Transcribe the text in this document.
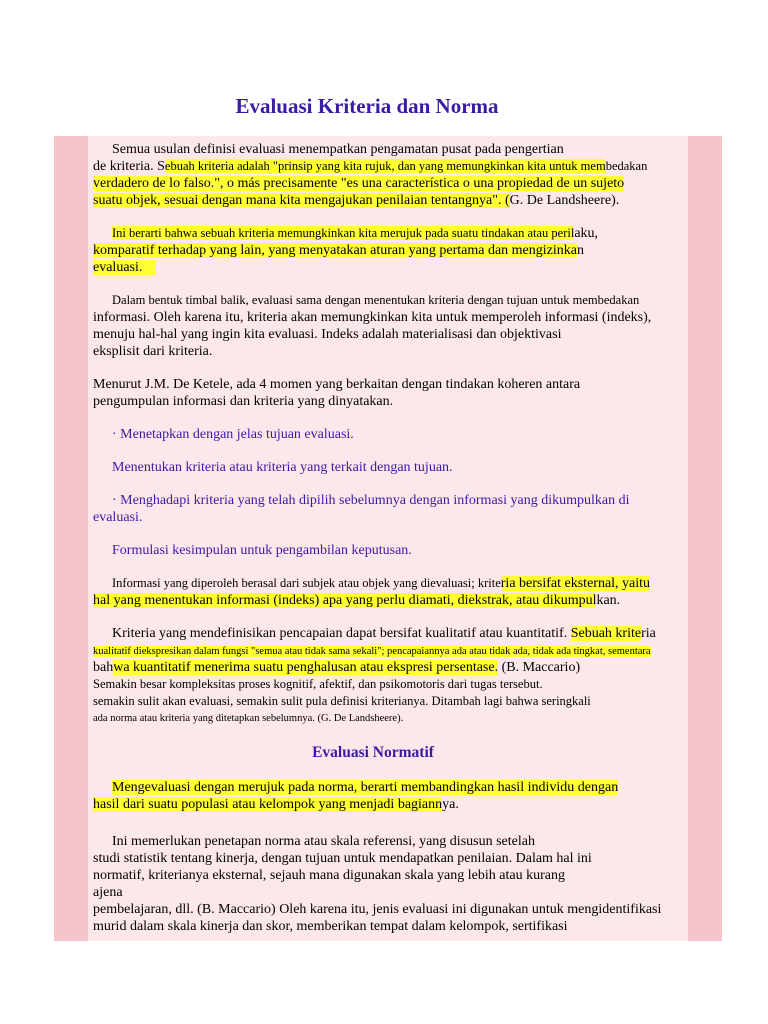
Evaluasi Kriteria dan Norma
Semua usulan definisi evaluasi menempatkan pengamatan pusat pada pengertian
de kriteria. Sebuah kriteria adalah "prinsip yang kita rujuk, dan yang memungkinkan kita untuk membedakan
verdadero de lo falso.", o más precisamente "es una característica o una propiedad de un sujeto
suatu objek, sesuai dengan mana kita mengajukan penilaian tentangnya". (G. De Landsheere).
Ini berarti bahwa sebuah kriteria memungkinkan kita merujuk pada suatu tindakan atau perilaku,
komparatif terhadap yang lain, yang menyatakan aturan yang pertama dan mengizinkan
evaluasi.
Dalam bentuk timbal balik, evaluasi sama dengan menentukan kriteria dengan tujuan untuk membedakan
informasi. Oleh karena itu, kriteria akan memungkinkan kita untuk memperoleh informasi (indeks),
menuju hal-hal yang ingin kita evaluasi. Indeks adalah materialisasi dan objektivasi
eksplisit dari kriteria.
Menurut J.M. De Ketele, ada 4 momen yang berkaitan dengan tindakan koheren antara
pengumpulan informasi dan kriteria yang dinyatakan.
· Menetapkan dengan jelas tujuan evaluasi.
Menentukan kriteria atau kriteria yang terkait dengan tujuan.
· Menghadapi kriteria yang telah dipilih sebelumnya dengan informasi yang dikumpulkan di
evaluasi.
Formulasi kesimpulan untuk pengambilan keputusan.
Informasi yang diperoleh berasal dari subjek atau objek yang dievaluasi; kriteria bersifat eksternal, yaitu
hal yang menentukan informasi (indeks) apa yang perlu diamati, diekstrak, atau dikumpulkan.
Kriteria yang mendefinisikan pencapaian dapat bersifat kualitatif atau kuantitatif. Sebuah kriteria
kualitatif diekspresikan dalam fungsi "semua atau tidak sama sekali"; pencapaiannya ada atau tidak ada, tidak ada tingkat, sementara
bahwa kuantitatif menerima suatu penghalusan atau ekspresi persentase. (B. Maccario)
Semakin besar kompleksitas proses kognitif, afektif, dan psikomotoris dari tugas tersebut.
semakin sulit akan evaluasi, semakin sulit pula definisi kriterianya. Ditambah lagi bahwa seringkali
ada norma atau kriteria yang ditetapkan sebelumnya. (G. De Landsheere).
Evaluasi Normatif
Mengevaluasi dengan merujuk pada norma, berarti membandingkan hasil individu dengan
hasil dari suatu populasi atau kelompok yang menjadi bagiannya.
Ini memerlukan penetapan norma atau skala referensi, yang disusun setelah
studi statistik tentang kinerja, dengan tujuan untuk mendapatkan penilaian. Dalam hal ini
normatif, kriterianya eksternal, sejauh mana digunakan skala yang lebih atau kurang
ajena
pembelajaran, dll. (B. Maccario) Oleh karena itu, jenis evaluasi ini digunakan untuk mengidentifikasi
murid dalam skala kinerja dan skor, memberikan tempat dalam kelompok, sertifikasi
